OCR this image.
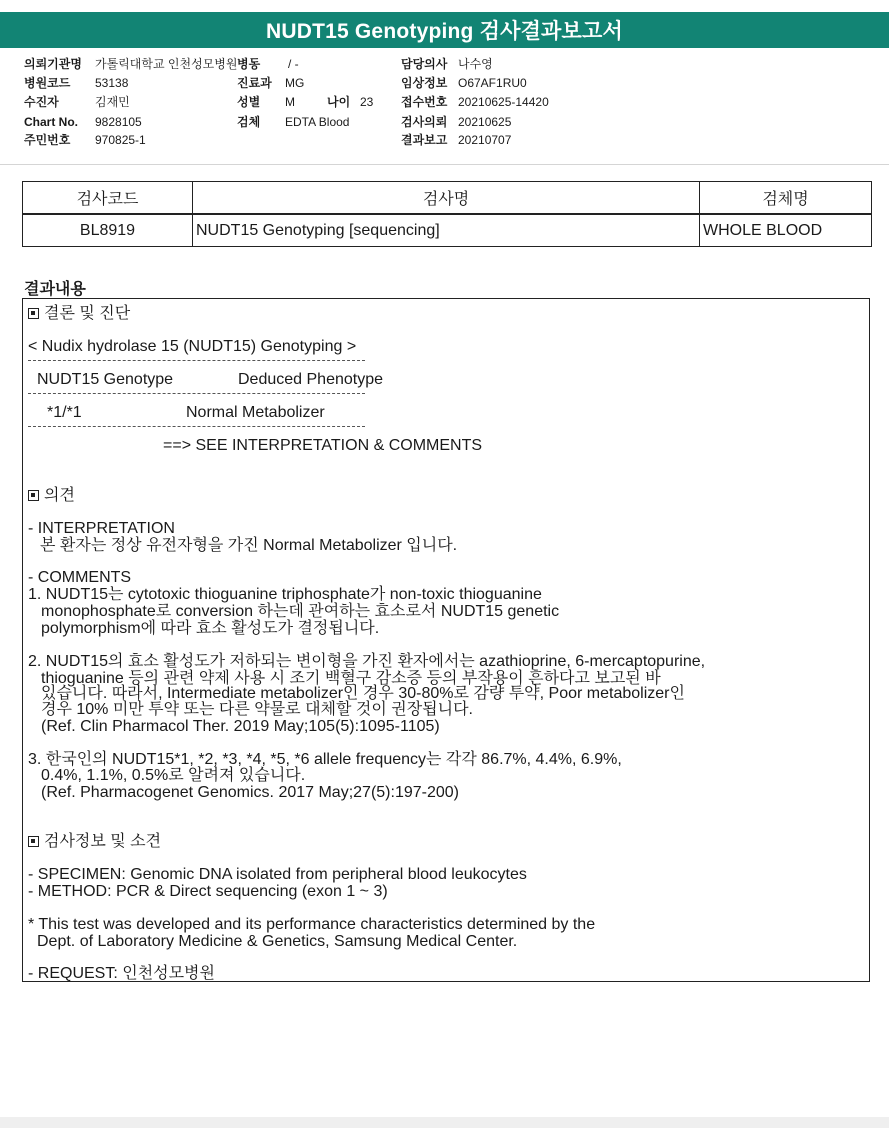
NUDT15 Genotyping 검사결과보고서
의뢰기관명 가톨릭대학교 인천성모병원
병원코드 53138
수진자	김재민
Chart No. 9828105
주민번호 970825-1
병동 / -
진료과 MG
성별 M	나이 23
검체 EDTA Blood
담당의사 나수영
임상정보 O67AF1RU0
접수번호 20210625-14420
검사의뢰 20210625
결과보고 20210707
검사코드	검사명	검체명
BL8919	NUDT15 Genotyping [sequencing]	WHOLE BLOOD
결과내용
결론 및 진단
< Nudix hydrolase 15 (NUDT15) Genotyping >
NUDT15 Genotype	Deduced Phenotype
*1/*1	Normal Metabolizer
==> SEE INTERPRETATION & COMMENTS
의견
- INTERPRETATION
본 환자는 정상 유전자형을 가진 Normal Metabolizer 입니다.
- COMMENTS
1. NUDT15는 cytotoxic thioguanine triphosphate가 non-toxic thioguanine
monophosphate로 conversion 하는데 관여하는 효소로서 NUDT15 genetic
polymorphism에 따라 효소 활성도가 결정됩니다.
2. NUDT15의 효소 활성도가 저하되는 변이형을 가진 환자에서는 azathioprine, 6-mercaptopurine,
thioguanine 등의 관련 약제 사용 시 조기 백혈구 감소증 등의 부작용이 흔하다고 보고된 바
있습니다. 따라서, Intermediate metabolizer인 경우 30-80%로 감량 투약, Poor metabolizer인
경우 10% 미만 투약 또는 다른 약물로 대체할 것이 권장됩니다.
(Ref. Clin Pharmacol Ther. 2019 May;105(5):1095-1105)
3. 한국인의 NUDT15*1, *2, *3, *4, *5, *6 allele frequency는 각각 86.7%, 4.4%, 6.9%,
0.4%, 1.1%, 0.5%로 알려져 있습니다.
(Ref. Pharmacogenet Genomics. 2017 May;27(5):197-200)
검사정보 및 소견
- SPECIMEN: Genomic DNA isolated from peripheral blood leukocytes
- METHOD: PCR & Direct sequencing (exon 1 ~ 3)
* This test was developed and its performance characteristics determined by the
Dept. of Laboratory Medicine & Genetics, Samsung Medical Center.
- REQUEST: 인천성모병원
